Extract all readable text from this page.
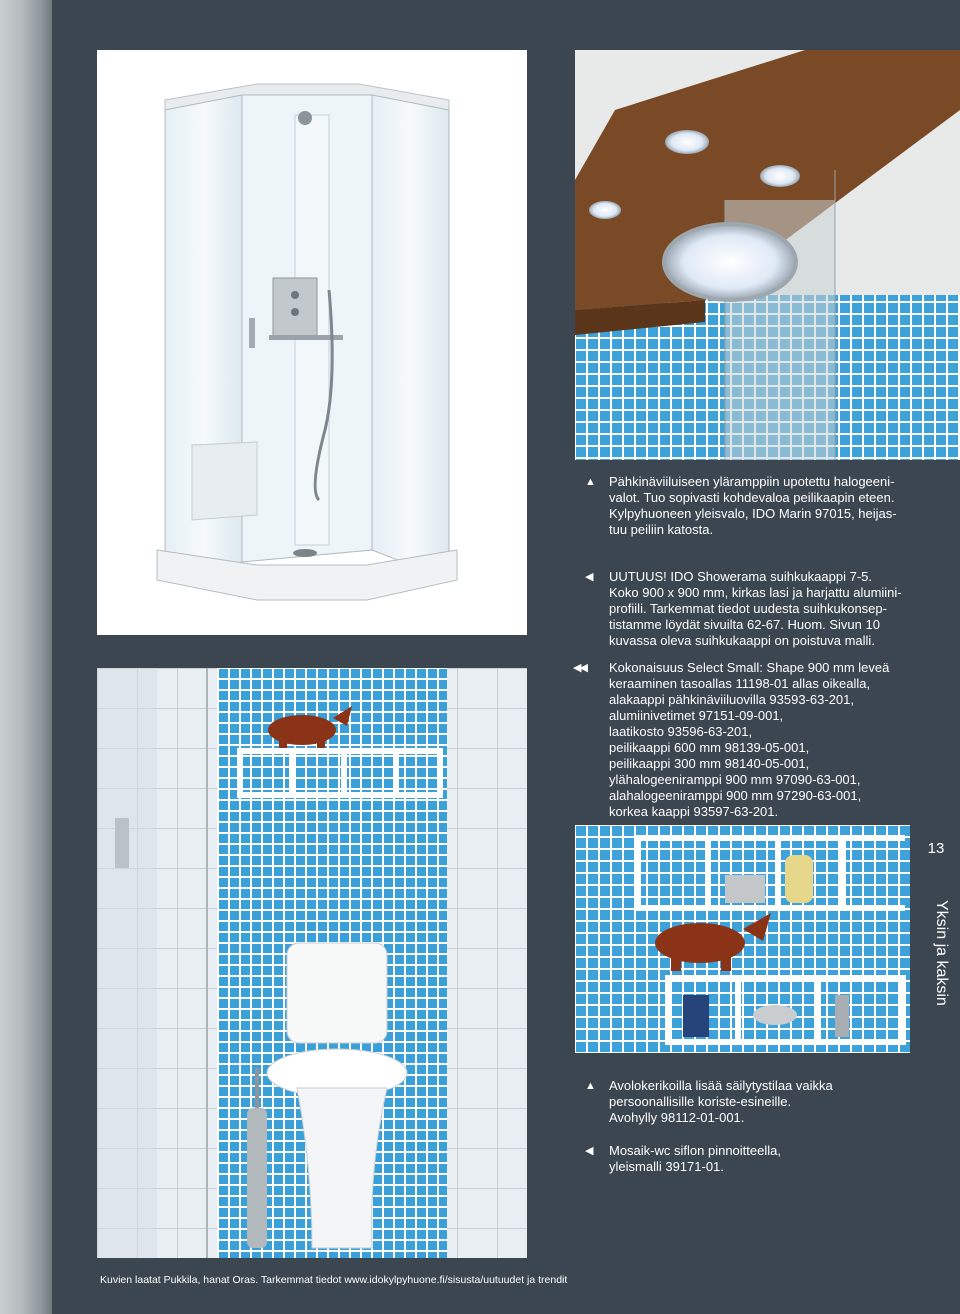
▲ Pähkinäviiluiseen yläramppiin upotettu halogeeni-

valot. Tuo sopivasti kohdevaloa peilikaapin eteen.

Kylpyhuoneen yleisvalo, IDO Marin 97015, heijas-

tuu peiliin katosta.

◀ UUTUUS! IDO Showerama suihkukaappi 7-5.

Koko 900 x 900 mm, kirkas lasi ja harjattu alumiini-

profiili. Tarkemmat tiedot uudesta suihkukonsep-

tistamme löydät sivuilta 62-67. Huom. Sivun 10

kuvassa oleva suihkukaappi on poistuva malli.

◀◀ Kokonaisuus Select Small: Shape 900 mm leveä

keraaminen tasoallas 11198-01 allas oikealla,

alakaappi pähkinäviiluovilla 93593-63-201,

alumiinivetimet 97151-09-001,

laatikosto 93596-63-201,

peilikaappi 600 mm 98139-05-001,

peilikaappi 300 mm 98140-05-001,

ylähalogeeniramppi 900 mm 97090-63-001,

alahalogeeniramppi 900 mm 97290-63-001,

korkea kaappi 93597-63-201.

▲ Avolokerikoilla lisää säilytystilaa vaikka

persoonallisille koriste-esineille.

Avohylly 98112-01-001.

◀ Mosaik-wc siflon pinnoitteella,

yleismalli 39171-01.

13
Yksin ja kaksin
Kuvien laatat Pukkila, hanat Oras. Tarkemmat tiedot www.idokylpyhuone.fi/sisusta/uutuudet ja trendit
